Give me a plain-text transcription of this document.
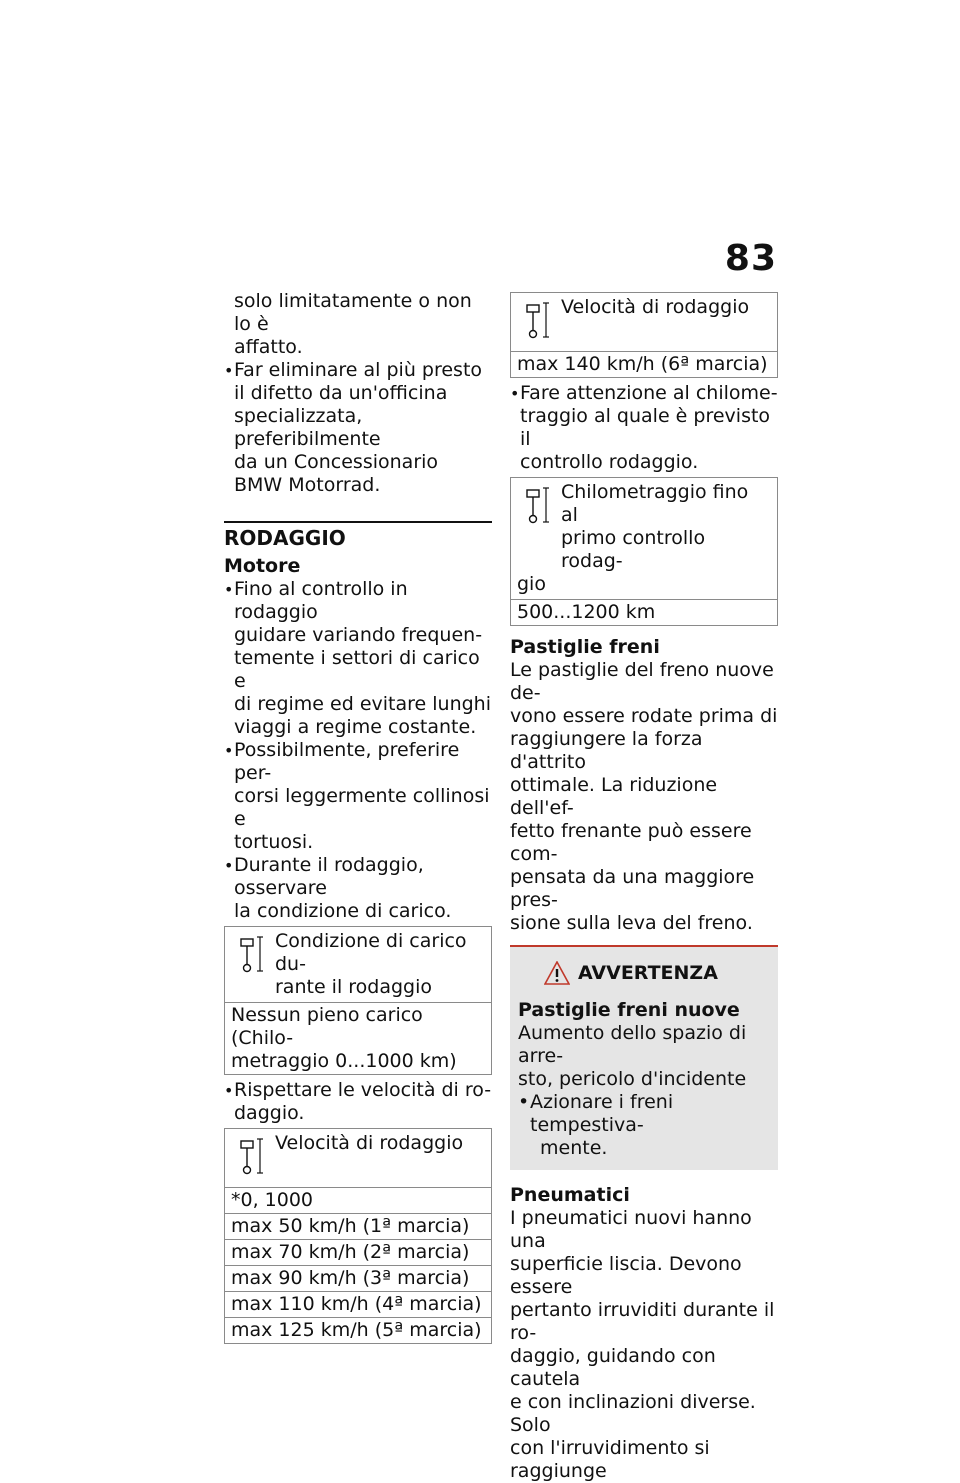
83

solo limitatamente o non lo è

affatto.

• Far eliminare al più presto
il difetto da un'officina
specializzata, preferibilmente
da un Concessionario
BMW Motorrad.
RODAGGIO
Motore
• Fino al controllo in rodaggio
guidare variando frequen-
temente i settori di carico e
di regime ed evitare lunghi
viaggi a regime costante.
• Possibilmente, preferire per-
corsi leggermente collinosi e
tortuosi.
• Durante il rodaggio, osservare
la condizione di carico.
Condizione di carico du-
rante il rodaggio
Nessun pieno carico (Chilo-
metraggio 0...1000 km)
• Rispettare le velocità di ro-
daggio.
Velocità di rodaggio
*0, 1000
max 50 km/h (1ª marcia)
max 70 km/h (2ª marcia)
max 90 km/h (3ª marcia)
max 110 km/h (4ª marcia)
max 125 km/h (5ª marcia)
Velocità di rodaggio
max 140 km/h (6ª marcia)
• Fare attenzione al chilome-
traggio al quale è previsto il
controllo rodaggio.
Chilometraggio fino al
primo controllo rodag-
gio
500...1200 km
Pastiglie freni
Le pastiglie del freno nuove de-
vono essere rodate prima di
raggiungere la forza d'attrito
ottimale. La riduzione dell'ef-
fetto frenante può essere com-
pensata da una maggiore pres-
sione sulla leva del freno.
AVVERTENZA
Pastiglie freni nuove
Aumento dello spazio di arre-
sto, pericolo d'incidente
• Azionare i freni tempestiva-
mente.
Pneumatici
I pneumatici nuovi hanno una
superficie liscia. Devono essere
pertanto irruviditi durante il ro-
daggio, guidando con cautela
e con inclinazioni diverse. Solo
con l'irruvidimento si raggiunge
